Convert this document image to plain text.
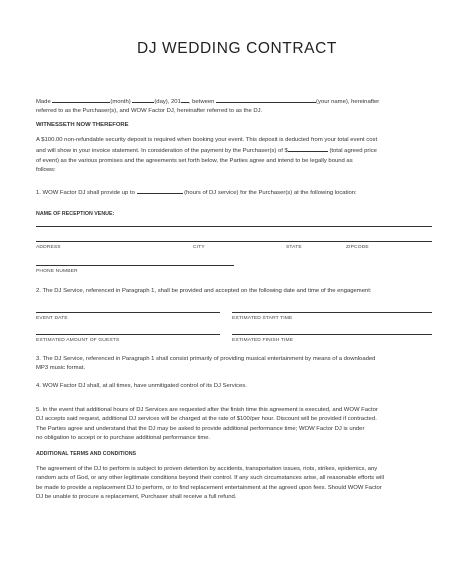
DJ WEDDING CONTRACT
Made	(month)	(day), 201 , between	(your name), hereinafter
referred to as the Purchaser(s), and WOW Factor DJ, hereinafter referred to as the DJ.
WITNESSETH NOW THEREFORE
A $100.00 non-refundable security deposit is required when booking your event. This deposit is deducted from your total event cost
and will show in your invoice statement. In consideration of the payment by the Purchaser(s) of $	(total agreed price
of event) as the various promises and the agreements set forth below, the Parties agree and intend to be legally bound as
follows:
1. WOW Factor DJ shall provide up to	(hours of DJ service) for the Purchaser(s) at the following location:
NAME OF RECEPTION VENUE:
ADDRESS	CITY	STATE	ZIPCODE
PHONE NUMBER
2. The DJ Service, referenced in Paragraph 1, shall be provided and accepted on the following date and time of the engagement:
EVENT DATE	ESTIMATED START TIME
ESTIMATED AMOUNT OF GUESTS	ESTIMATED FINISH TIME
3. The DJ Service, referenced in Paragraph 1 shall consist primarily of providing musical entertainment by means of a downloaded
MP3 music format.
4. WOW Factor DJ shall, at all times, have unmitigated control of its DJ Services.
5. In the event that additional hours of DJ Services are requested after the finish time this agreement is executed, and WOW Factor
DJ accepts said request, additional DJ services will be charged at the rate of $100/per hour. Discount will be provided if contracted.
The Parties agree and understand that the DJ may be asked to provide additional performance time; WOW Factor DJ is under
no obligation to accept or to purchase additional performance time.
ADDITIONAL TERMS AND CONDITIONS
The agreement of the DJ to perform is subject to proven detention by accidents, transportation issues, riots, strikes, epidemics, any
random acts of God, or any other legitimate conditions beyond their control. If any such circumstances arise, all reasonable efforts will
be made to provide a replacement DJ to perform, or to find replacement entertainment at the agreed upon fees. Should WOW Factor
DJ be unable to procure a replacement, Purchaser shall receive a full refund.
